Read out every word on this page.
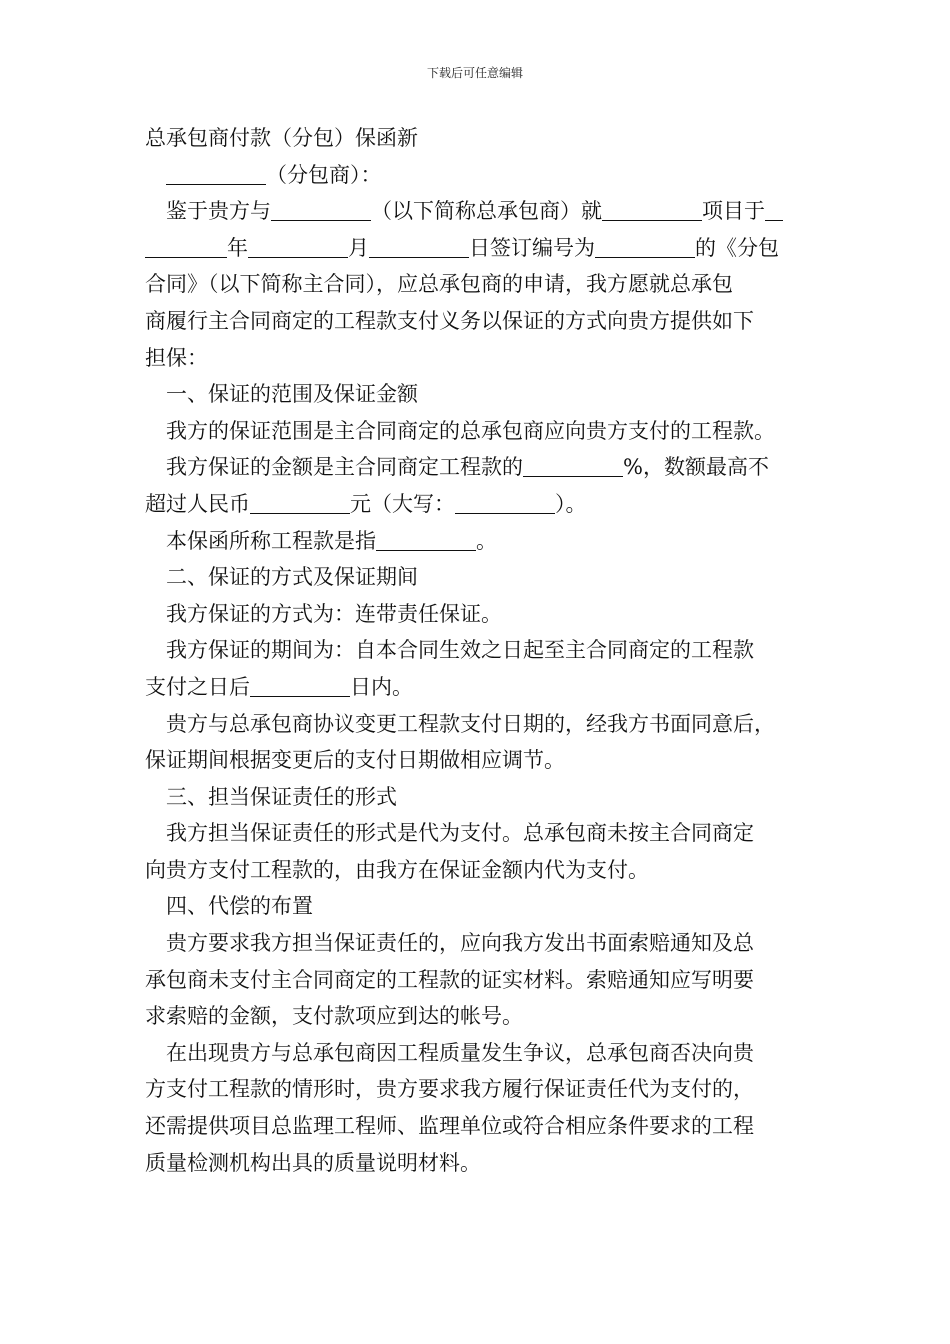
下载后可任意编辑
总承包商付款（分包）保函新
（分包商）：
鉴于贵方与	（以下简称总承包商）就	项目于
年	月	日签订编号为	的《分包
合同》（以下简称主合同），应总承包商的申请，我方愿就总承包
商履行主合同商定的工程款支付义务以保证的方式向贵方提供如下
担保：
一、保证的范围及保证金额
我方的保证范围是主合同商定的总承包商应向贵方支付的工程款。
我方保证的金额是主合同商定工程款的	%，数额最高不
超过人民币	元（大写：	）。
本保函所称工程款是指	。
二、保证的方式及保证期间
我方保证的方式为：连带责任保证。
我方保证的期间为：自本合同生效之日起至主合同商定的工程款
支付之日后	日内。
贵方与总承包商协议变更工程款支付日期的，经我方书面同意后，
保证期间根据变更后的支付日期做相应调节。
三、担当保证责任的形式
我方担当保证责任的形式是代为支付。总承包商未按主合同商定
向贵方支付工程款的，由我方在保证金额内代为支付。
四、代偿的布置
贵方要求我方担当保证责任的，应向我方发出书面索赔通知及总
承包商未支付主合同商定的工程款的证实材料。索赔通知应写明要
求索赔的金额，支付款项应到达的帐号。
在出现贵方与总承包商因工程质量发生争议，总承包商否决向贵
方支付工程款的情形时，贵方要求我方履行保证责任代为支付的，
还需提供项目总监理工程师、监理单位或符合相应条件要求的工程
质量检测机构出具的质量说明材料。
